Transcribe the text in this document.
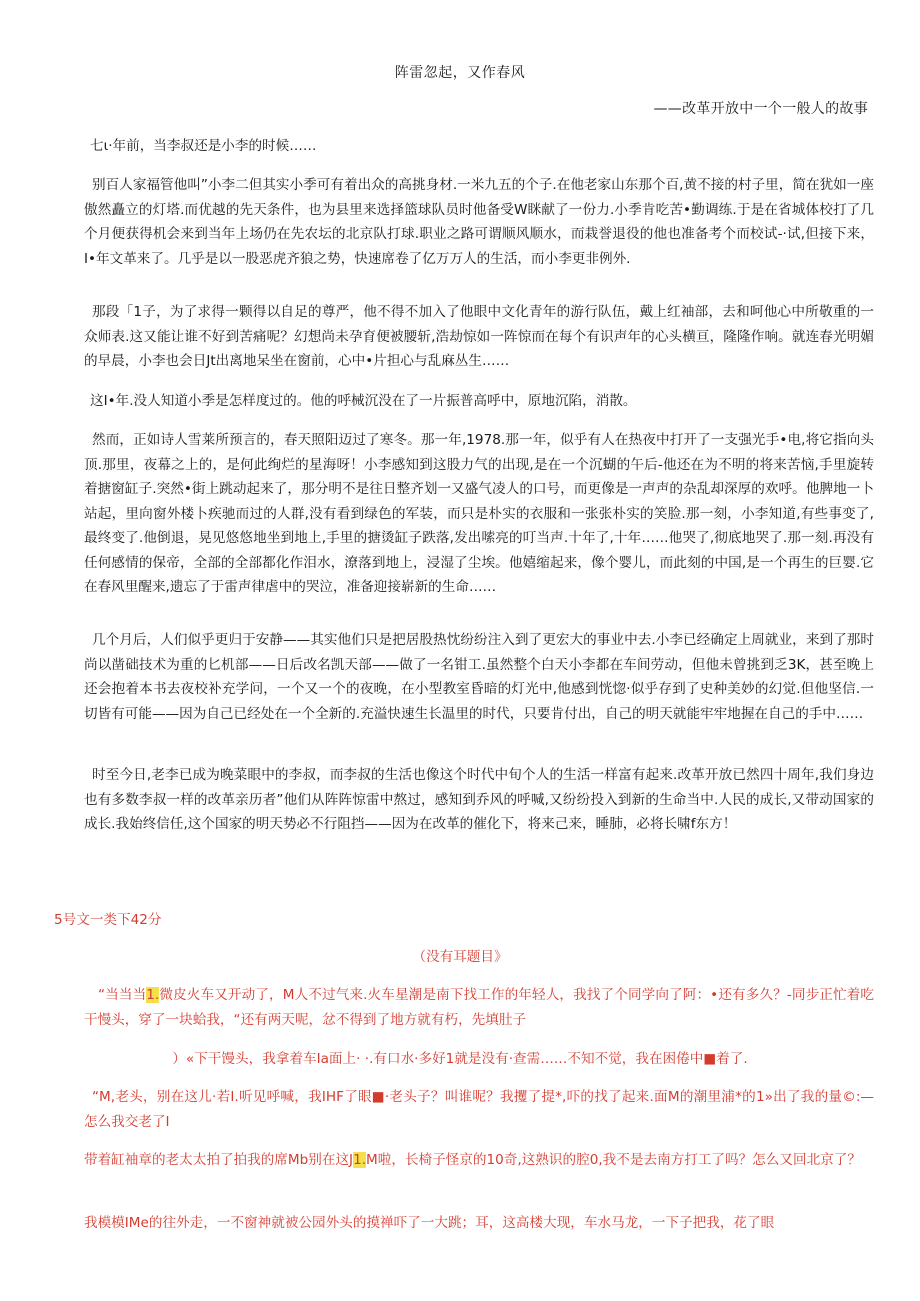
阵雷忽起，又作春风
——改革开放中一个一般人的故事

七ι·年前，当李叔还是小李的时候……

别百人家福管他叫”小李二但其实小季可有着出众的高挑身材.一米九五的个子.在他老家山东那个百,黄不接的村子里，简在犹如一座傲然矗立的灯塔.而优越的先天条件，也为县里来选择篮球队员时他备受W眯献了一份力.小季肯吃苦•勤调练.于是在省城体校打了几个月便获得机会来到当年上场仍在先农坛的北京队打球.职业之路可谓顺风顺水，而栽誉退役的他也准备考个而校试-·试,但接下来，I•年文革来了。几乎是以一股恶虎齐狼之势，快速席卷了亿万万人的生活，而小李更非例外.

那段「1子，为了求得一颗得以自足的尊严，他不得不加入了他眼中文化青年的游行队伍，戴上红袖部，去和呵他心中所敬重的一众师表.这又能让谁不好到苦痛呢？幻想尚未孕育便被腰斩,浩劫惊如一阵惊而在每个有识声年的心头横亘，隆隆作响。就连春光明媚的早晨，小李也会日Jt出离地呆坐在窗前，心中•片担心与乱麻丛生……

这I•年.没人知道小季是怎样度过的。他的呼械沉没在了一片振普高呼中，原地沉陷，消散。

然而，正如诗人雪莱所预言的，春天照阳迈过了寒冬。那一年,1978.那一年，似乎有人在热夜中打开了一支强光手•电,将它指向头顶.那里，夜幕之上的，是何此绚烂的星海呀！小李感知到这股力气的出现,是在一个沉蝴的午后-他还在为不明的将来苦恼,手里旋转着搪窗缸子.突然•街上跳动起来了，那分明不是往日整齐划一又盛气凌人的口号，而更像是一声声的杂乱却深厚的欢呼。他脾地一卜站起，里向窗外楼卜疾驰而过的人群,没有看到绿色的军装，而只是朴实的衣服和一张张朴实的笑脸.那一刻，小李知道,有些事变了,最终变了.他倒退，晃见悠悠地坐到地上,手里的搪烫缸子跌落,发出嗦亮的叮当声.十年了,十年……他哭了,彻底地哭了.那一刻.再没有任何感情的保帝，全部的全部都化作泪水，潦落到地上，浸湿了尘埃。他嬉缩起来，像个婴儿，而此刻的中国,是一个再生的巨婴.它在春风里醒来,遗忘了于雷声律虐中的哭泣，准备迎接崭新的生命……

几个月后，人们似乎更归于安静——其实他们只是把居股热忱纷纷注入到了更宏大的事业中去.小李已经确定上周就业，来到了那时尚以凿础技术为重的匕机部——日后改名凯天部——做了一名钳工.虽然整个白天小李都在车间劳动，但他未曾挑到乏3K，甚至晚上还会抱着本书去夜校补充学问，一个又一个的夜晚，在小型教室昏暗的灯光中,他感到恍惚·似乎存到了史种美妙的幻觉.但他坚信.一切皆有可能——因为自己已经处在一个全新的.充溢快速生长温里的时代，只要肯付出，自己的明天就能牢牢地握在自己的手中……

时至今日,老李已成为晚菜眼中的李叔，而李叔的生活也像这个时代中旬个人的生活一样富有起来.改革开放已然四十周年,我们身边也有多数李叔一样的改革亲历者”他们从阵阵惊雷中熬过，感知到乔风的呼喊,又纷纷投入到新的生命当中.人民的成长,又带动国家的成长.我始终信任,这个国家的明天势必不行阻挡——因为在改革的催化下，将来己来，睡肺，必将长啸f东方！

5号文一类下42分
（没有耳题目》

“当当当1.微皮火车又开动了，M人不过气来.火车星潮是南下找工作的年轻人，我找了个同学向了阿：•还有多久？-同步正忙着吃干慢头，穿了一块蛤我，“还有两天呢，忿不得到了地方就有朽，先填肚子

）«下干馒头，我拿着车Ia面上· ·.有口水·多好1就是没有·查需……不知不觉，我在困倦中■着了.

“M,老头，别在这儿·若I.听见呼喊，我IHF了眼■·老头子？叫谁呢？我攫了提*,吓的找了起来.面M的潮里浦*的1»出了我的量©:—怎么我交老了I

带着缸袖章的老太太拍了拍我的席Mb别在这J1.M啦，长椅子怪京的10奇,这熟识的腔0,我不是去南方打工了吗？怎么又回北京了？

我模模IMe的往外走，一不窗神就被公园外头的摸禅吓了一大跳；耳，这高楼大现，车水马龙，一下子把我，花了眼
